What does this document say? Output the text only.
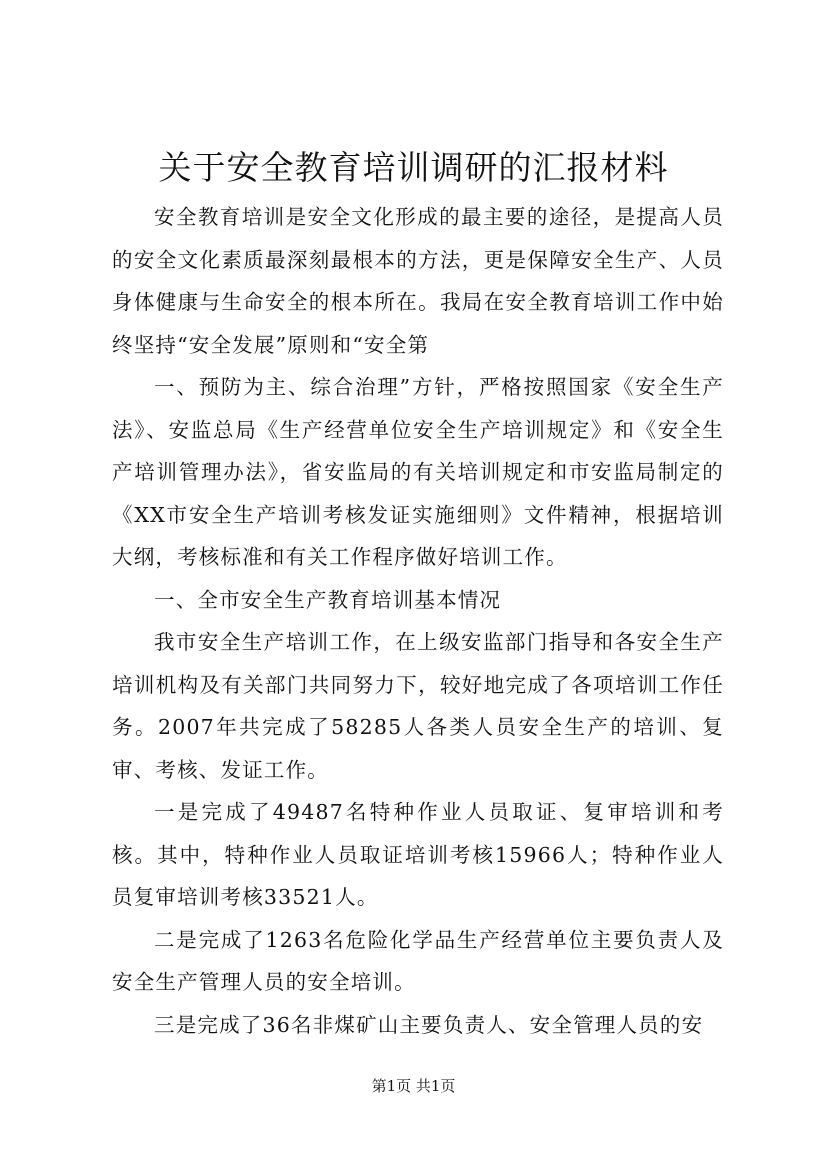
关于安全教育培训调研的汇报材料

安全教育培训是安全文化形成的最主要的途径，是提高人员的安全文化素质最深刻最根本的方法，更是保障安全生产、人员身体健康与生命安全的根本所在。我局在安全教育培训工作中始终坚持“安全发展”原则和“安全第

一、预防为主、综合治理”方针，严格按照国家《安全生产法》、安监总局《生产经营单位安全生产培训规定》和《安全生产培训管理办法》，省安监局的有关培训规定和市安监局制定的《XX市安全生产培训考核发证实施细则》文件精神，根据培训大纲，考核标准和有关工作程序做好培训工作。

一、全市安全生产教育培训基本情况

我市安全生产培训工作，在上级安监部门指导和各安全生产培训机构及有关部门共同努力下，较好地完成了各项培训工作任务。2007年共完成了58285人各类人员安全生产的培训、复审、考核、发证工作。

一是完成了49487名特种作业人员取证、复审培训和考核。其中，特种作业人员取证培训考核15966人；特种作业人员复审培训考核33521人。

二是完成了1263名危险化学品生产经营单位主要负责人及安全生产管理人员的安全培训。

三是完成了36名非煤矿山主要负责人、安全管理人员的安

第1页 共1页
